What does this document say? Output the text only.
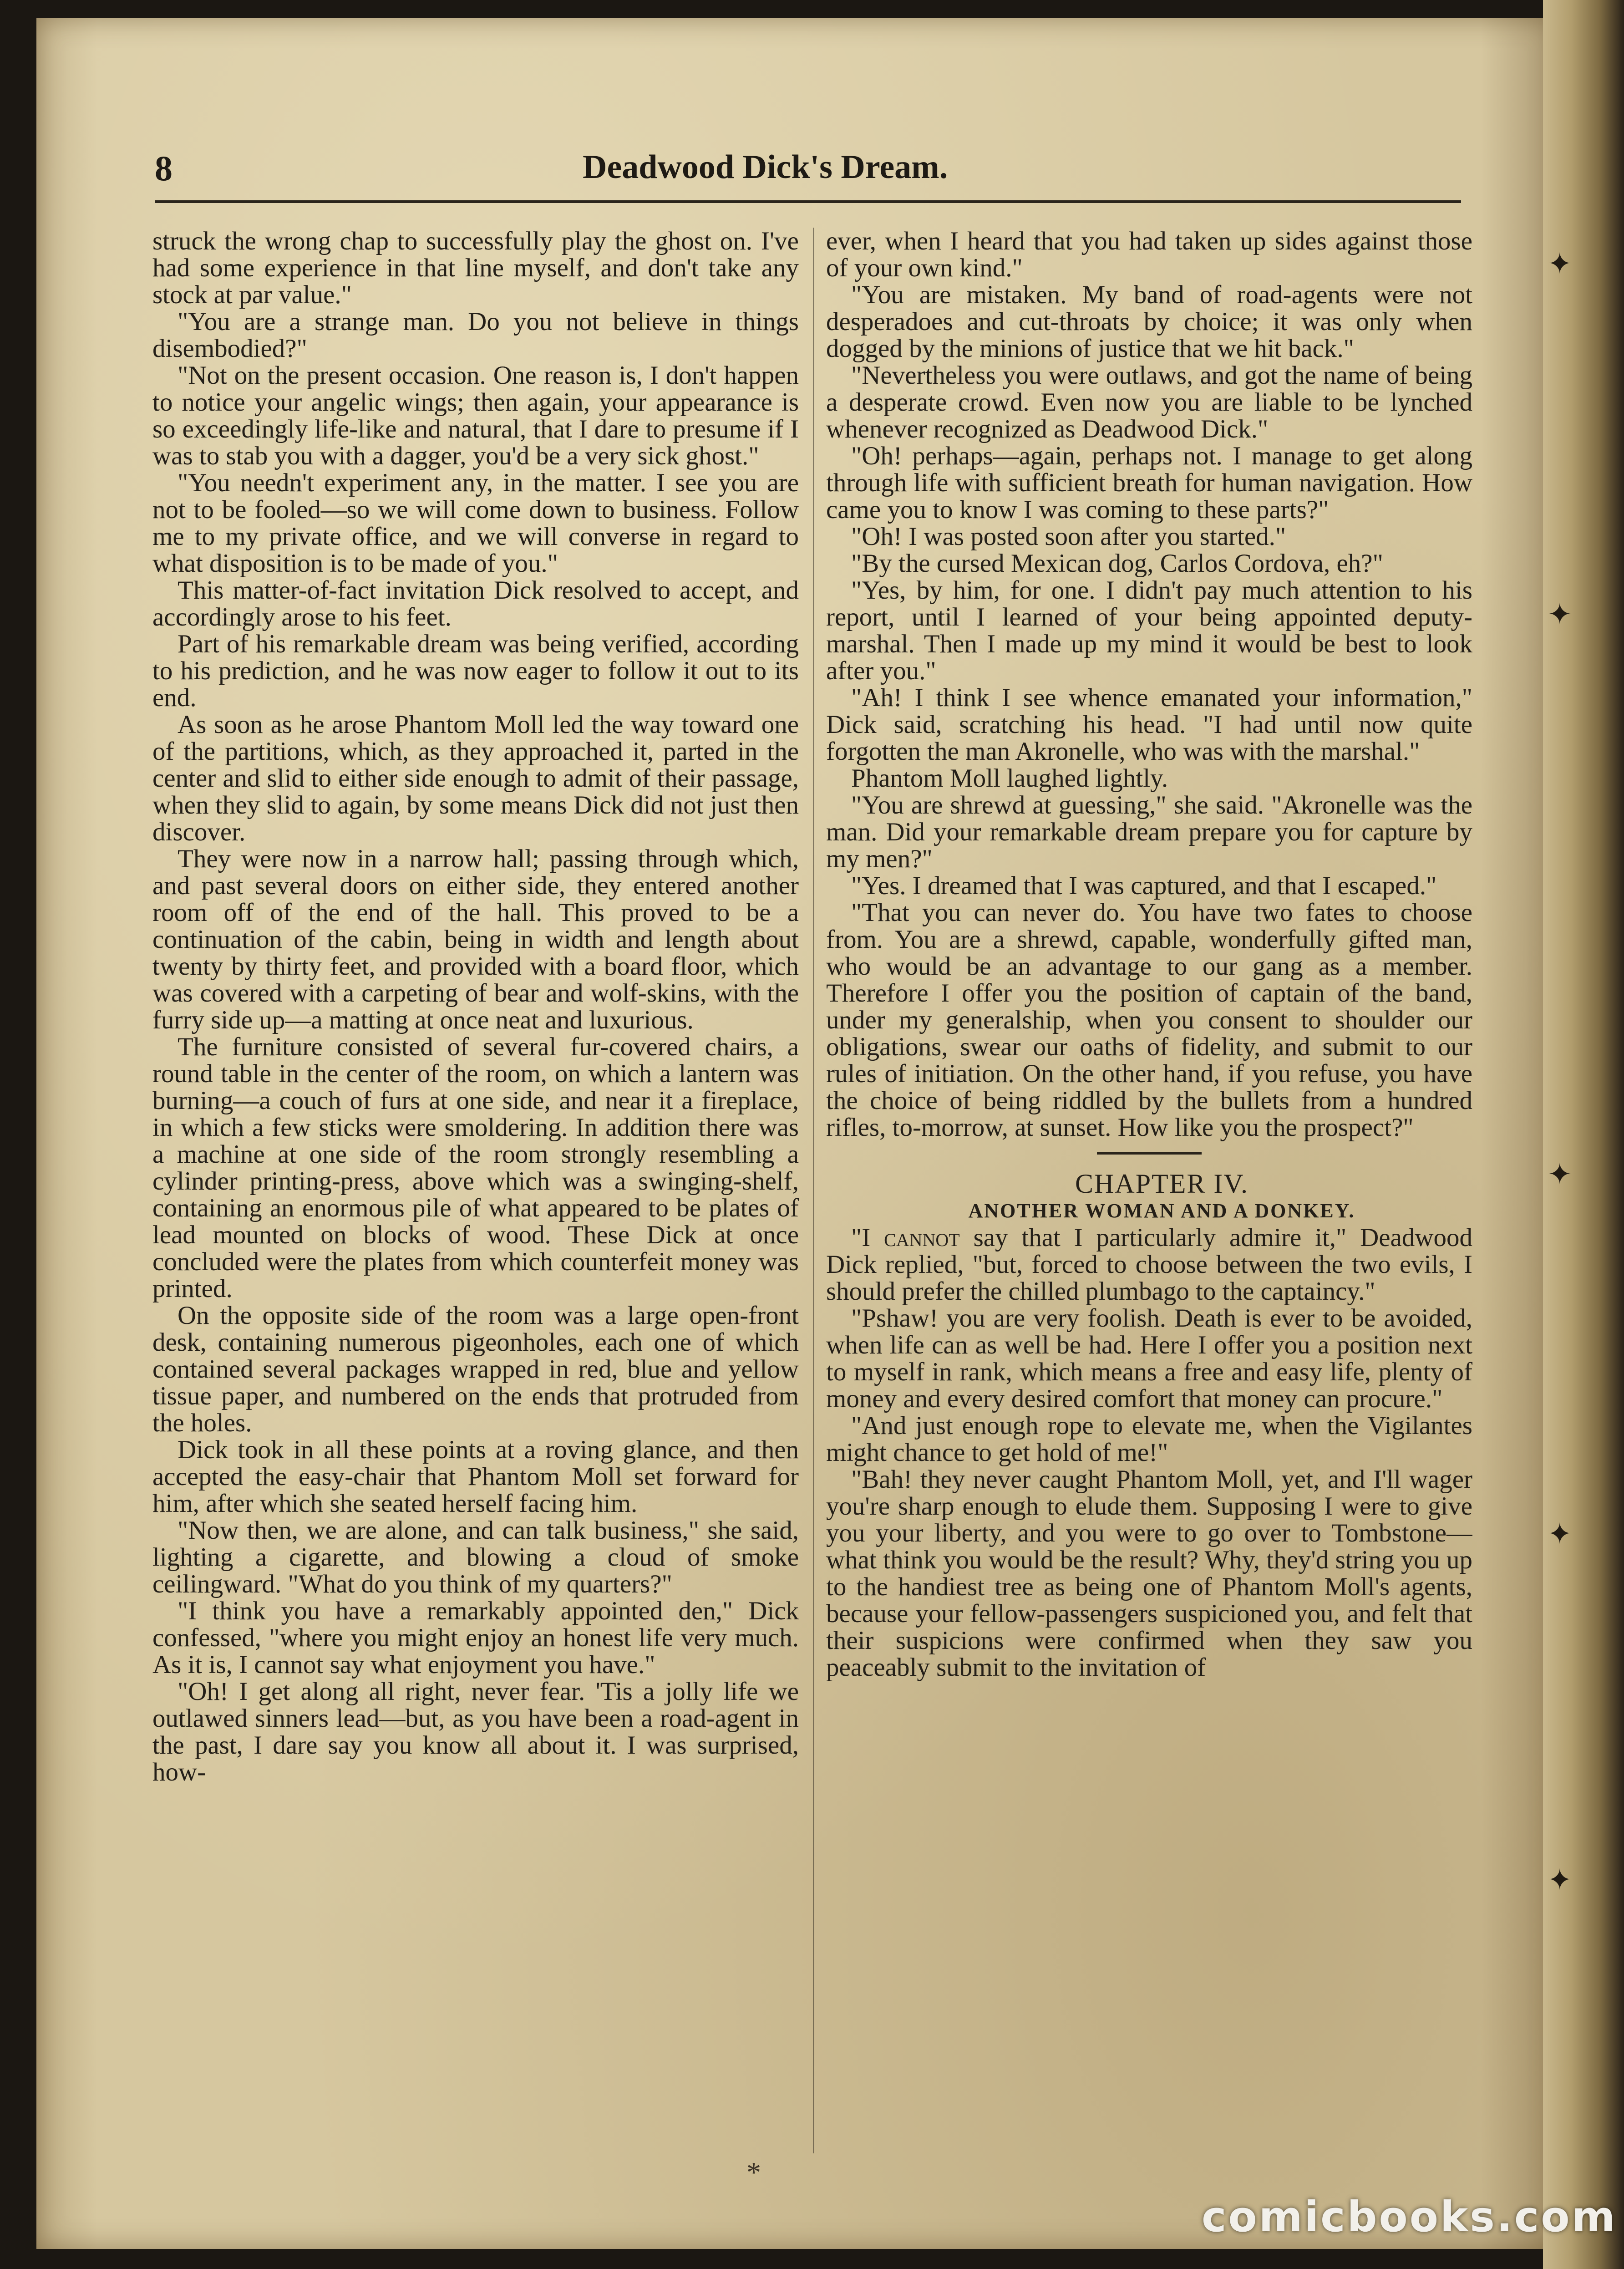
✦
✦
✦
✦
✦
8	Deadwood Dick's Dream.

struck the wrong chap to successfully play the ghost on. I've had some experience in that line myself, and don't take any stock at par value."

"You are a strange man. Do you not believe in things disembodied?"

"Not on the present occasion. One reason is, I don't happen to notice your angelic wings; then again, your appearance is so exceedingly life-like and natural, that I dare to presume if I was to stab you with a dagger, you'd be a very sick ghost."

"You needn't experiment any, in the matter. I see you are not to be fooled—so we will come down to business. Follow me to my private office, and we will converse in regard to what disposition is to be made of you."

This matter-of-fact invitation Dick resolved to accept, and accordingly arose to his feet.

Part of his remarkable dream was being verified, according to his prediction, and he was now eager to follow it out to its end.

As soon as he arose Phantom Moll led the way toward one of the partitions, which, as they approached it, parted in the center and slid to either side enough to admit of their passage, when they slid to again, by some means Dick did not just then discover.

They were now in a narrow hall; passing through which, and past several doors on either side, they entered another room off of the end of the hall. This proved to be a continuation of the cabin, being in width and length about twenty by thirty feet, and provided with a board floor, which was covered with a carpeting of bear and wolf-skins, with the furry side up—a matting at once neat and luxurious.

The furniture consisted of several fur-covered chairs, a round table in the center of the room, on which a lantern was burning—a couch of furs at one side, and near it a fireplace, in which a few sticks were smoldering. In addition there was a machine at one side of the room strongly resembling a cylinder printing-press, above which was a swinging-shelf, containing an enormous pile of what appeared to be plates of lead mounted on blocks of wood. These Dick at once concluded were the plates from which counterfeit money was printed.

On the opposite side of the room was a large open-front desk, containing numerous pigeonholes, each one of which contained several packages wrapped in red, blue and yellow tissue paper, and numbered on the ends that protruded from the holes.

Dick took in all these points at a roving glance, and then accepted the easy-chair that Phantom Moll set forward for him, after which she seated herself facing him.

"Now then, we are alone, and can talk business," she said, lighting a cigarette, and blowing a cloud of smoke ceilingward. "What do you think of my quarters?"

"I think you have a remarkably appointed den," Dick confessed, "where you might enjoy an honest life very much. As it is, I cannot say what enjoyment you have."

"Oh! I get along all right, never fear. 'Tis a jolly life we outlawed sinners lead—but, as you have been a road-agent in the past, I dare say you know all about it. I was surprised, how-

ever, when I heard that you had taken up sides against those of your own kind."

"You are mistaken. My band of road-agents were not desperadoes and cut-throats by choice; it was only when dogged by the minions of justice that we hit back."

"Nevertheless you were outlaws, and got the name of being a desperate crowd. Even now you are liable to be lynched whenever recognized as Deadwood Dick."

"Oh! perhaps—again, perhaps not. I manage to get along through life with sufficient breath for human navigation. How came you to know I was coming to these parts?"

"Oh! I was posted soon after you started."

"By the cursed Mexican dog, Carlos Cordova, eh?"

"Yes, by him, for one. I didn't pay much attention to his report, until I learned of your being appointed deputy-marshal. Then I made up my mind it would be best to look after you."

"Ah! I think I see whence emanated your information," Dick said, scratching his head. "I had until now quite forgotten the man Akronelle, who was with the marshal."

Phantom Moll laughed lightly.

"You are shrewd at guessing," she said. "Akronelle was the man. Did your remarkable dream prepare you for capture by my men?"

"Yes. I dreamed that I was captured, and that I escaped."

"That you can never do. You have two fates to choose from. You are a shrewd, capable, wonderfully gifted man, who would be an advantage to our gang as a member. Therefore I offer you the position of captain of the band, under my generalship, when you consent to shoulder our obligations, swear our oaths of fidelity, and submit to our rules of initiation. On the other hand, if you refuse, you have the choice of being riddled by the bullets from a hundred rifles, to-morrow, at sunset. How like you the prospect?"

CHAPTER IV.

ANOTHER WOMAN AND A DONKEY.

"I cannot say that I particularly admire it," Deadwood Dick replied, "but, forced to choose between the two evils, I should prefer the chilled plumbago to the captaincy."

"Pshaw! you are very foolish. Death is ever to be avoided, when life can as well be had. Here I offer you a position next to myself in rank, which means a free and easy life, plenty of money and every desired comfort that money can procure."

"And just enough rope to elevate me, when the Vigilantes might chance to get hold of me!"

"Bah! they never caught Phantom Moll, yet, and I'll wager you're sharp enough to elude them. Supposing I were to give you your liberty, and you were to go over to Tombstone—what think you would be the result? Why, they'd string you up to the handiest tree as being one of Phantom Moll's agents, because your fellow-passengers suspicioned you, and felt that their suspicions were confirmed when they saw you peaceably submit to the invitation of

*
comicbooks.com
